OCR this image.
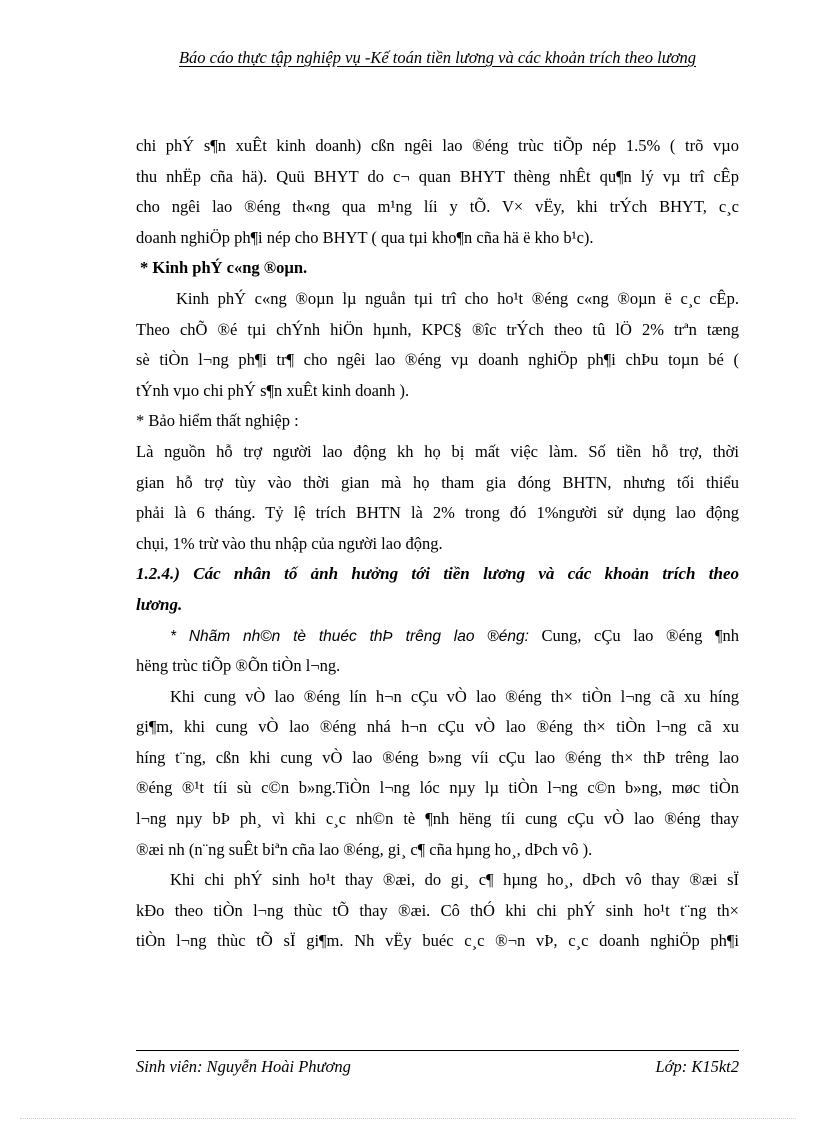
Báo cáo thực tập nghiệp vụ -Kế toán tiền lương và các khoản trích theo lương
chi phÝ s¶n xuÊt kinh doanh) cßn ngêi lao ®éng trùc tiÕp nép 1.5% ( trõ vµo
thu nhËp cña hä). Quü BHYT do c¬ quan BHYT thèng nhÊt qu¶n lý vµ trî cÊp
cho ngêi lao ®éng th«ng qua m¹ng líi y tÕ. V× vËy, khi trÝch BHYT, c¸c
doanh nghiÖp ph¶i nép cho BHYT ( qua tµi kho¶n cña hä ë kho b¹c).
* Kinh phÝ c«ng ®oµn.
Kinh phÝ c«ng ®oµn lµ nguån tµi trî cho ho¹t ®éng c«ng ®oµn ë c¸c cÊp.
Theo chÕ ®é tµi chÝnh hiÖn hµnh, KPC§ ®îc trÝch theo tû lÖ 2% trªn tæng
sè tiÒn l¬ng ph¶i tr¶ cho ngêi lao ®éng vµ doanh nghiÖp ph¶i chÞu toµn bé (
tÝnh vµo chi phÝ s¶n xuÊt kinh doanh ).
* Bảo hiểm thất nghiệp :
Là nguồn hỗ trợ người lao động kh họ bị mất việc làm. Số tiền hỗ trợ, thời
gian hỗ trợ tùy vào thời gian mà họ tham gia đóng BHTN, nhưng tối thiểu
phải là 6 tháng. Tỷ lệ trích BHTN là 2% trong đó 1%người sử dụng lao động
chụi, 1% trừ vào thu nhập của người lao động.
1.2.4.) Các nhân tố ảnh hưởng tới tiền lương và các khoản trích theo
lương.
* Nhãm nh©n tè thuéc thÞ trêng lao ®éng: Cung, cÇu lao ®éng ¶nh
hëng trùc tiÕp ®Õn tiÒn l¬ng.
Khi cung vÒ lao ®éng lín h¬n cÇu vÒ lao ®éng th× tiÒn l¬ng cã xu híng
gi¶m, khi cung vÒ lao ®éng nhá h¬n cÇu vÒ lao ®éng th× tiÒn l¬ng cã xu
híng t¨ng, cßn khi cung vÒ lao ®éng b»ng víi cÇu lao ®éng th× thÞ trêng lao
®éng ®¹t tíi sù c©n b»ng.TiÒn l¬ng lóc nµy lµ tiÒn l¬ng c©n b»ng, møc tiÒn
l¬ng nµy bÞ ph¸ vì khi c¸c nh©n tè ¶nh hëng tíi cung cÇu vÒ lao ®éng thay
®æi nh (n¨ng suÊt biªn cña lao ®éng, gi¸ c¶ cña hµng ho¸, dÞch vô ).
Khi chi phÝ sinh ho¹t thay ®æi, do gi¸ c¶ hµng ho¸, dÞch vô thay ®æi sÏ
kÐo theo tiÒn l¬ng thùc tÕ thay ®æi. Cô thÓ khi chi phÝ sinh ho¹t t¨ng th×
tiÒn l¬ng thùc tÕ sÏ gi¶m. Nh vËy buéc c¸c ®¬n vÞ, c¸c doanh nghiÖp ph¶i
Sinh viên: Nguyễn Hoài Phương	Lớp: K15kt2
